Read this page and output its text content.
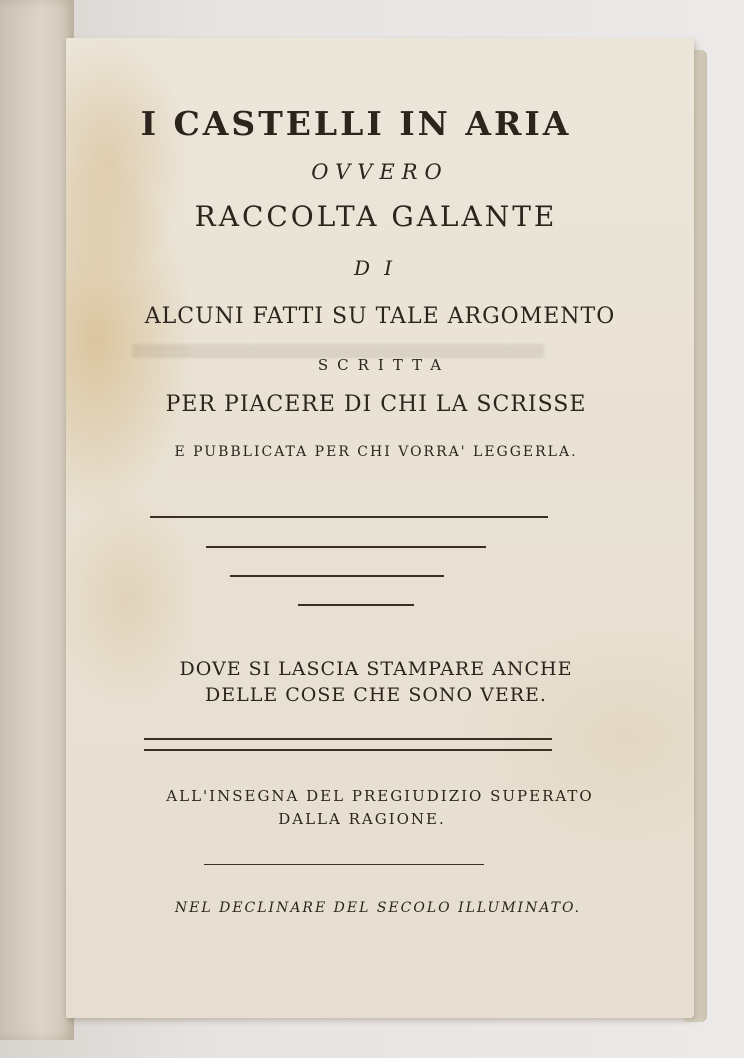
I CASTELLI IN ARIA
OVVERO
RACCOLTA GALANTE
DI
ALCUNI FATTI SU TALE ARGOMENTO
SCRITTA
PER PIACERE DI CHI LA SCRISSE
E PUBBLICATA PER CHI VORRA' LEGGERLA.
DOVE SI LASCIA STAMPARE ANCHE
DELLE COSE CHE SONO VERE.
ALL'INSEGNA DEL PREGIUDIZIO SUPERATO
DALLA RAGIONE.
NEL DECLINARE DEL SECOLO ILLUMINATO.
